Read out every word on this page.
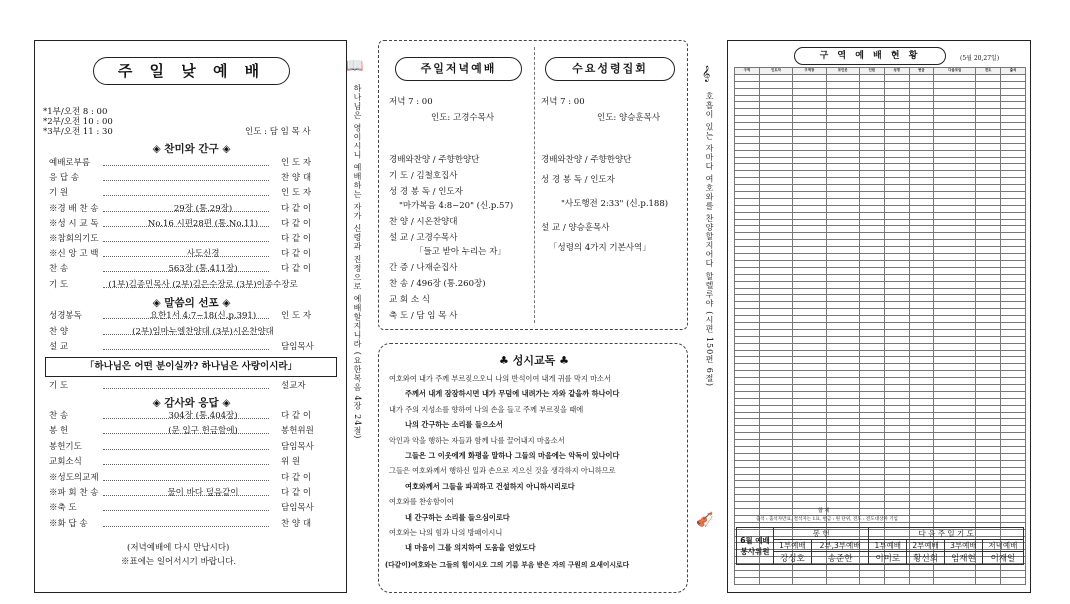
주 일 낮 예 배
*1부/오전 8 : 00
*2부/오전 10 : 00
*3부/오전 11 : 30	인도 : 담 임 목 사
◈ 찬미와 간구 ◈
예배로부름	인 도 자
응 답 송	찬 양 대
기 원	인 도 자
※경 배 찬 송	29장 (통.29장)	다 같 이
※성 시 교 독	No.16 시편28편 (통.No.11)	다 같 이
※참회의기도	다 같 이
※신 앙 고 백	사도신경	다 같 이
찬 송	563장 (통.411장)	다 같 이
기 도	(1부)김종민목사 (2부)김은수장로 (3부)이종수장로
◈ 말씀의 선포 ◈
성경봉독	요한1서 4:7~18(신.p.391)	인 도 자
찬 양	(2부)임마누엘찬양대 (3부)시온찬양대
설 교	담임목사
「하나님은 어떤 분이실까? 하나님은 사랑이시라」
기 도	설교자
◈ 감사와 응답 ◈
찬 송	304장 (통.404장)	다 같 이
봉 헌	(문 입구 헌금함에)	봉헌위원
봉헌기도	담임목사
교회소식	위 원
※성도의교제	다 같 이
※파 회 찬 송	물이 바다 덮음같이	다 같 이
※축 도	담임목사
※화 답 송	찬 양 대
(저녁예배에 다시 만납시다)
※표에는 일어서시기 바랍니다.
📖
하나님은 영이시니 예배하는 자가 신령과 진정으로 예배할지니라 (요한복음 4장 24절)
𝄞
호흡이 있는 자마다 여호와를 찬양할지어다 할렐루야 (시편 150편 6절)
🎻
주일저녁예배
저녁 7 : 00
인도: 고경수목사
경배와찬양 / 주향한양단
기 도 / 김철호집사
성 경 봉 독 / 인도자
"마가복음 4:8~20" (신.p.57)
찬 양 / 시온찬양대
설 교 / 고경수목사
「들고 받아 누리는 자」
간 증 / 나재순집사
찬 송 / 496장 (통.260장)
교 회 소 식
축 도 / 담 임 목 사
수요성령집회
저녁 7 : 00
인도: 양승훈목사
경배와찬양 / 주향한양단
성 경 봉 독 / 인도자
"사도행전 2:33" (신.p.188)
설 교 / 양승훈목사
「성령의 4가지 기본사역」
♣ 성시교독 ♣
여호와여 내가 주께 부르짖으오니 나의 반석이여 내게 귀를 막지 마소서
주께서 내게 잠잠하시면 내가 무덤에 내려가는 자와 같을까 하나이다
내가 주의 지성소를 향하여 나의 손을 들고 주께 부르짖을 때에
나의 간구하는 소리를 들으소서
악인과 악을 행하는 자들과 함께 나를 끌어내지 마옵소서
그들은 그 이웃에게 화평을 말하나 그들의 마음에는 악독이 있나이다
그들은 여호와께서 행하신 일과 손으로 지으신 것을 생각하지 아니하므로
여호와께서 그들을 파괴하고 건설하지 아니하시리로다
여호와를 찬송함이여
내 간구하는 소리를 들으심이로다
여호와는 나의 힘과 나의 방패이시니
내 마음이 그를 의지하여 도움을 얻었도다
(다같이)여호와는 그들의 힘이시오 그의 기름 부음 받은 자의 구원의 요새이시로다
구 역 예 배 현 황	(5월 20,27일)
구역	인도자	구역장	모인곳	인원	성경	헌금	다음모임	전도	출석

합 계
출석 : 출석자만표, 결석자는 1표, 헌금 : 원 단위, 전도 : 전도대상자 기입
6월 예배 봉사위원	봉 헌		다 음 주 일 기 도			
	1부예배	2부,3부예배	1부예배	2부예배	3부예배	저녁예배
	강성호	송준한	이미로	황선희	임재현	이재일
